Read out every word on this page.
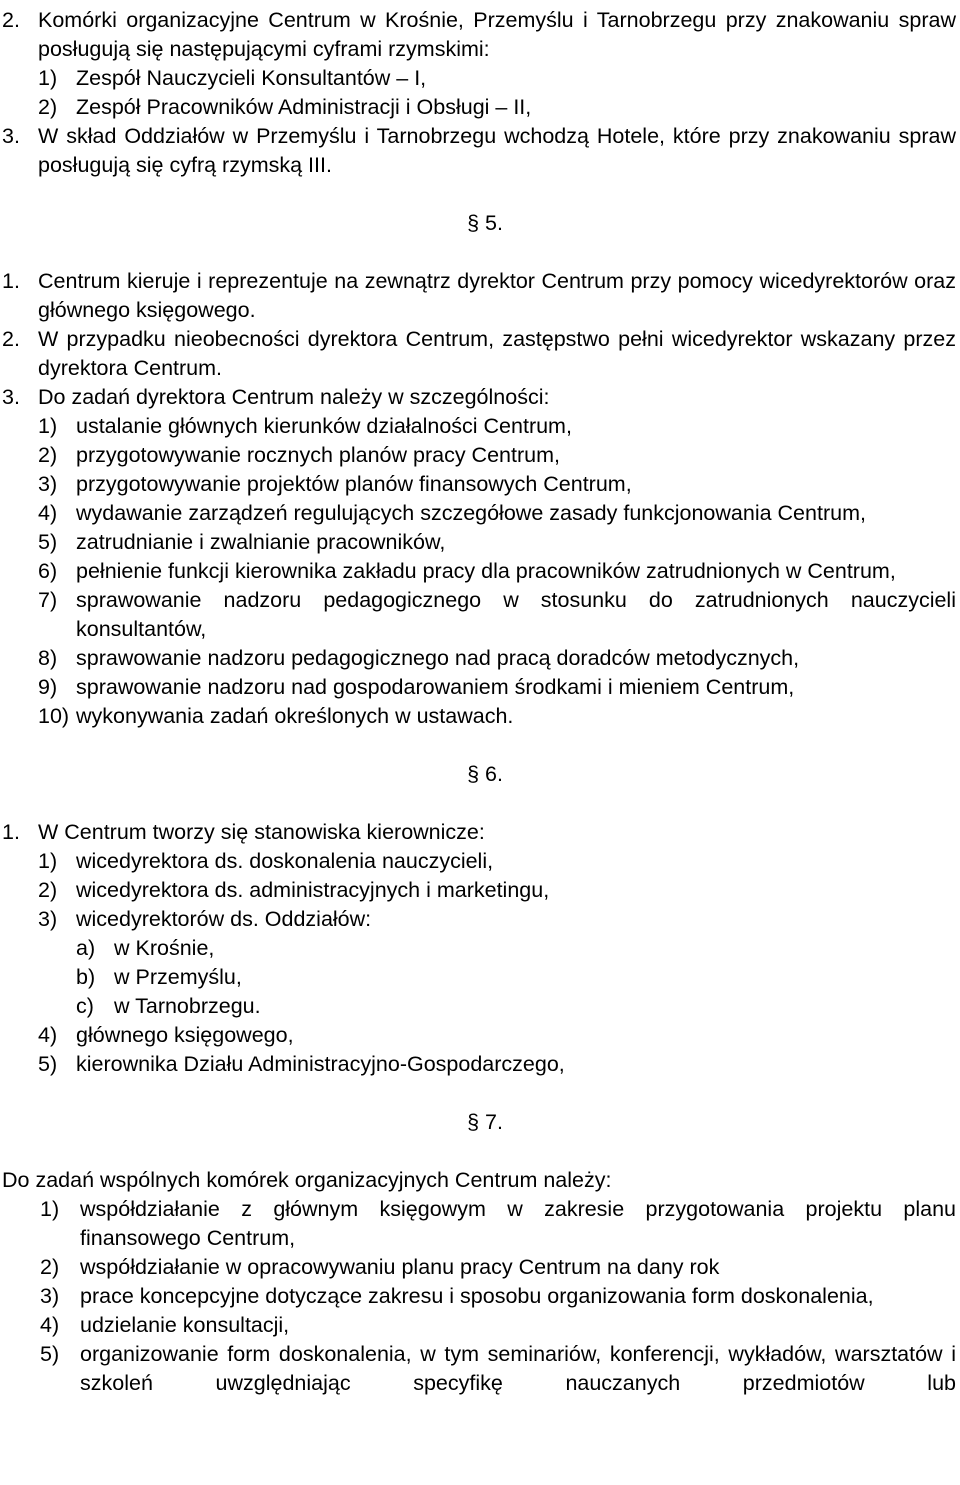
2. Komórki organizacyjne Centrum w Krośnie, Przemyślu i Tarnobrzegu przy znakowaniu spraw posługują się następującymi cyframi rzymskimi:
1) Zespół Nauczycieli Konsultantów – I,
2) Zespół Pracowników Administracji i Obsługi – II,
3. W skład Oddziałów w Przemyślu i Tarnobrzegu wchodzą Hotele, które przy znakowaniu spraw posługują się cyfrą rzymską III.
§ 5.
1. Centrum kieruje i reprezentuje na zewnątrz dyrektor Centrum przy pomocy wicedyrektorów oraz głównego księgowego.
2. W przypadku nieobecności dyrektora Centrum, zastępstwo pełni wicedyrektor wskazany przez dyrektora Centrum.
3. Do zadań dyrektora Centrum należy w szczególności:
1) ustalanie głównych kierunków działalności Centrum,
2) przygotowywanie rocznych planów pracy Centrum,
3) przygotowywanie projektów planów finansowych Centrum,
4) wydawanie zarządzeń regulujących szczegółowe zasady funkcjonowania Centrum,
5) zatrudnianie i zwalnianie pracowników,
6) pełnienie funkcji kierownika zakładu pracy dla pracowników zatrudnionych w Centrum,
7) sprawowanie nadzoru pedagogicznego w stosunku do zatrudnionych nauczycieli konsultantów,
8) sprawowanie nadzoru pedagogicznego nad pracą doradców metodycznych,
9) sprawowanie nadzoru nad gospodarowaniem środkami i mieniem Centrum,
10) wykonywania zadań określonych w ustawach.
§ 6.
1. W Centrum tworzy się stanowiska kierownicze:
1) wicedyrektora ds. doskonalenia nauczycieli,
2) wicedyrektora ds. administracyjnych i marketingu,
3) wicedyrektorów ds. Oddziałów:
a) w Krośnie,
b) w Przemyślu,
c) w Tarnobrzegu.
4) głównego księgowego,
5) kierownika Działu Administracyjno-Gospodarczego,
§ 7.
Do zadań wspólnych komórek organizacyjnych Centrum należy:
1) współdziałanie z głównym księgowym w zakresie przygotowania projektu planu finansowego Centrum,
2) współdziałanie w opracowywaniu planu pracy Centrum na dany rok
3) prace koncepcyjne dotyczące zakresu i sposobu organizowania form doskonalenia,
4) udzielanie konsultacji,
5) organizowanie form doskonalenia, w tym seminariów, konferencji, wykładów, warsztatów i szkoleń uwzględniając specyfikę nauczanych przedmiotów lub
